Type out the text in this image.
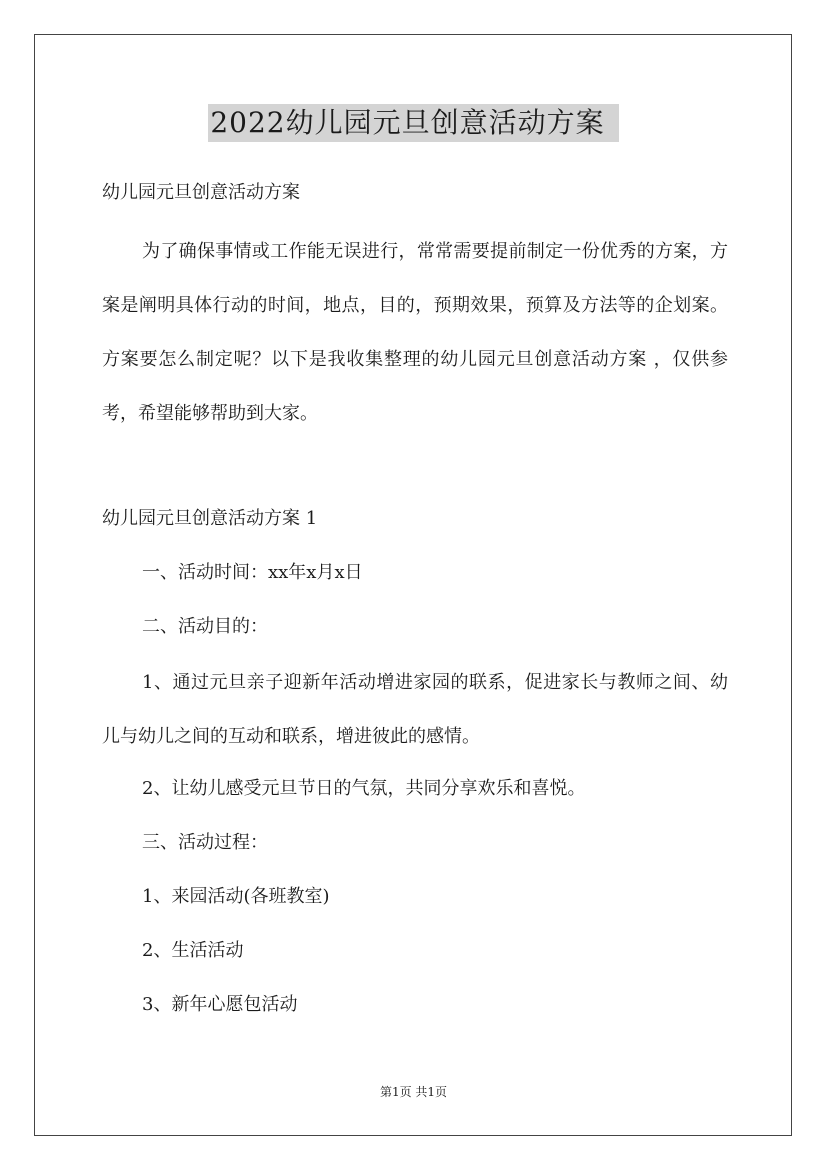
2022幼儿园元旦创意活动方案
幼儿园元旦创意活动方案

为了确保事情或工作能无误进行，常常需要提前制定一份优秀的方案，方案是阐明具体行动的时间，地点，目的，预期效果，预算及方法等的企划案。方案要怎么制定呢？以下是我收集整理的幼儿园元旦创意活动方案 ，仅供参考，希望能够帮助到大家。

幼儿园元旦创意活动方案 1

一、活动时间：xx年x月x日

二、活动目的：

1、通过元旦亲子迎新年活动增进家园的联系，促进家长与教师之间、幼儿与幼儿之间的互动和联系，增进彼此的感情。

2、让幼儿感受元旦节日的气氛，共同分享欢乐和喜悦。

三、活动过程：

1、来园活动(各班教室)

2、生活活动

3、新年心愿包活动

第1页 共1页
